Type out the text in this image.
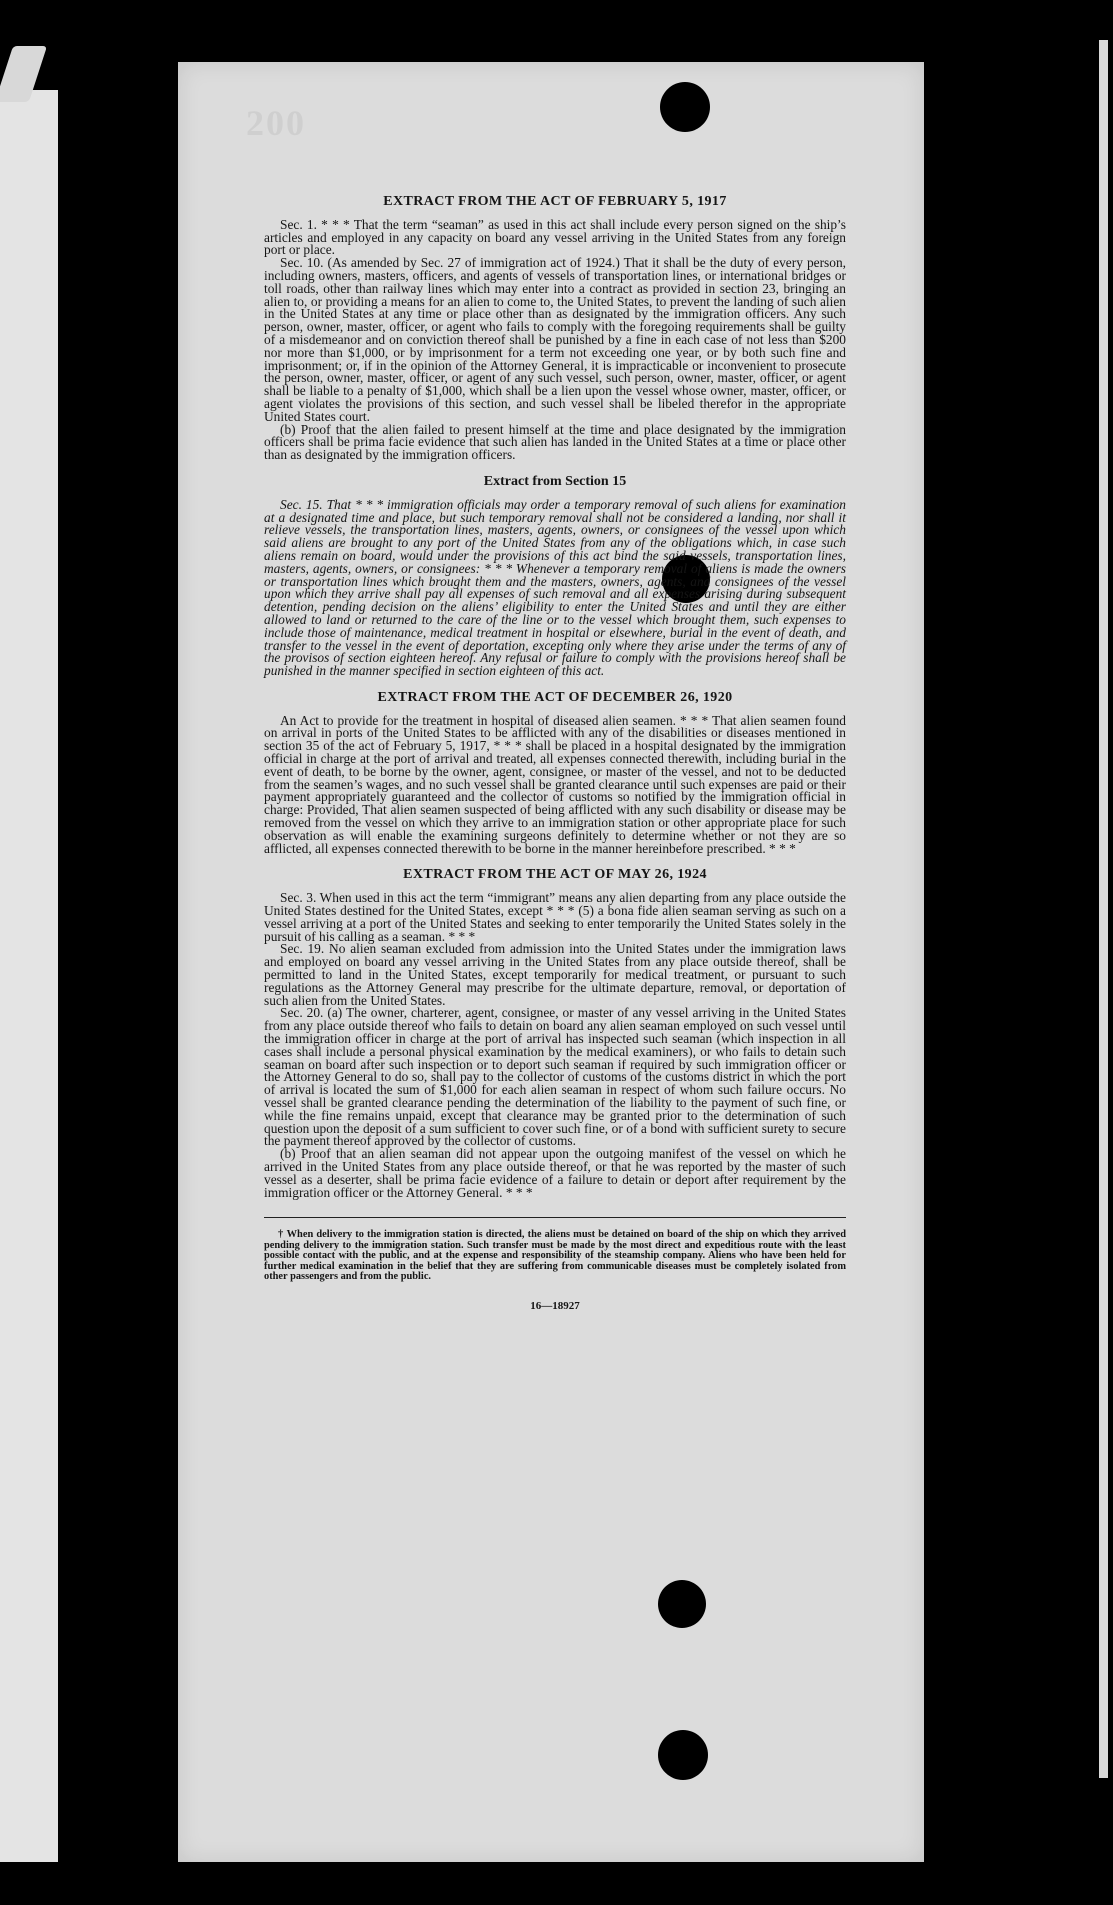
200
EXTRACT FROM THE ACT OF FEBRUARY 5, 1917

Sec. 1. * * * That the term “seaman” as used in this act shall include every person signed on the ship’s articles and employed in any capacity on board any vessel arriving in the United States from any foreign port or place.

Sec. 10. (As amended by Sec. 27 of immigration act of 1924.) That it shall be the duty of every person, including owners, masters, officers, and agents of vessels of transportation lines, or international bridges or toll roads, other than railway lines which may enter into a contract as provided in section 23, bringing an alien to, or providing a means for an alien to come to, the United States, to prevent the landing of such alien in the United States at any time or place other than as designated by the immigration officers. Any such person, owner, master, officer, or agent who fails to comply with the foregoing requirements shall be guilty of a misdemeanor and on conviction thereof shall be punished by a fine in each case of not less than $200 nor more than $1,000, or by imprisonment for a term not exceeding one year, or by both such fine and imprisonment; or, if in the opinion of the Attorney General, it is impracticable or inconvenient to prosecute the person, owner, master, officer, or agent of any such vessel, such person, owner, master, officer, or agent shall be liable to a penalty of $1,000, which shall be a lien upon the vessel whose owner, master, officer, or agent violates the provisions of this section, and such vessel shall be libeled therefor in the appropriate United States court.

(b) Proof that the alien failed to present himself at the time and place designated by the immigration officers shall be prima facie evidence that such alien has landed in the United States at a time or place other than as designated by the immigration officers.

Extract from Section 15

Sec. 15. That * * * immigration officials may order a temporary removal of such aliens for examination at a designated time and place, but such temporary removal shall not be considered a landing, nor shall it relieve vessels, the transportation lines, masters, agents, owners, or consignees of the vessel upon which said aliens are brought to any port of the United States from any of the obligations which, in case such aliens remain on board, would under the provisions of this act bind the said vessels, transportation lines, masters, agents, owners, or consignees: * * * Whenever a temporary removal of aliens is made the owners or transportation lines which brought them and the masters, owners, agents, and consignees of the vessel upon which they arrive shall pay all expenses of such removal and all expenses arising during subsequent detention, pending decision on the aliens’ eligibility to enter the United States and until they are either allowed to land or returned to the care of the line or to the vessel which brought them, such expenses to include those of maintenance, medical treatment in hospital or elsewhere, burial in the event of death, and transfer to the vessel in the event of deportation, excepting only where they arise under the terms of any of the provisos of section eighteen hereof. Any refusal or failure to comply with the provisions hereof shall be punished in the manner specified in section eighteen of this act.

EXTRACT FROM THE ACT OF DECEMBER 26, 1920

An Act to provide for the treatment in hospital of diseased alien seamen. * * * That alien seamen found on arrival in ports of the United States to be afflicted with any of the disabilities or diseases mentioned in section 35 of the act of February 5, 1917, * * * shall be placed in a hospital designated by the immigration official in charge at the port of arrival and treated, all expenses connected therewith, including burial in the event of death, to be borne by the owner, agent, consignee, or master of the vessel, and not to be deducted from the seamen’s wages, and no such vessel shall be granted clearance until such expenses are paid or their payment appropriately guaranteed and the collector of customs so notified by the immigration official in charge: Provided, That alien seamen suspected of being afflicted with any such disability or disease may be removed from the vessel on which they arrive to an immigration station or other appropriate place for such observation as will enable the examining surgeons definitely to determine whether or not they are so afflicted, all expenses connected therewith to be borne in the manner hereinbefore prescribed. * * *

EXTRACT FROM THE ACT OF MAY 26, 1924

Sec. 3. When used in this act the term “immigrant” means any alien departing from any place outside the United States destined for the United States, except * * * (5) a bona fide alien seaman serving as such on a vessel arriving at a port of the United States and seeking to enter temporarily the United States solely in the pursuit of his calling as a seaman. * * *

Sec. 19. No alien seaman excluded from admission into the United States under the immigration laws and employed on board any vessel arriving in the United States from any place outside thereof, shall be permitted to land in the United States, except temporarily for medical treatment, or pursuant to such regulations as the Attorney General may prescribe for the ultimate departure, removal, or deportation of such alien from the United States.

Sec. 20. (a) The owner, charterer, agent, consignee, or master of any vessel arriving in the United States from any place outside thereof who fails to detain on board any alien seaman employed on such vessel until the immigration officer in charge at the port of arrival has inspected such seaman (which inspection in all cases shall include a personal physical examination by the medical examiners), or who fails to detain such seaman on board after such inspection or to deport such seaman if required by such immigration officer or the Attorney General to do so, shall pay to the collector of customs of the customs district in which the port of arrival is located the sum of $1,000 for each alien seaman in respect of whom such failure occurs. No vessel shall be granted clearance pending the determination of the liability to the payment of such fine, or while the fine remains unpaid, except that clearance may be granted prior to the determination of such question upon the deposit of a sum sufficient to cover such fine, or of a bond with sufficient surety to secure the payment thereof approved by the collector of customs.

(b) Proof that an alien seaman did not appear upon the outgoing manifest of the vessel on which he arrived in the United States from any place outside thereof, or that he was reported by the master of such vessel as a deserter, shall be prima facie evidence of a failure to detain or deport after requirement by the immigration officer or the Attorney General. * * *

† When delivery to the immigration station is directed, the aliens must be detained on board of the ship on which they arrived pending delivery to the immigration station. Such transfer must be made by the most direct and expeditious route with the least possible contact with the public, and at the expense and responsibility of the steamship company. Aliens who have been held for further medical examination in the belief that they are suffering from communicable diseases must be completely isolated from other passengers and from the public.

16—18927
